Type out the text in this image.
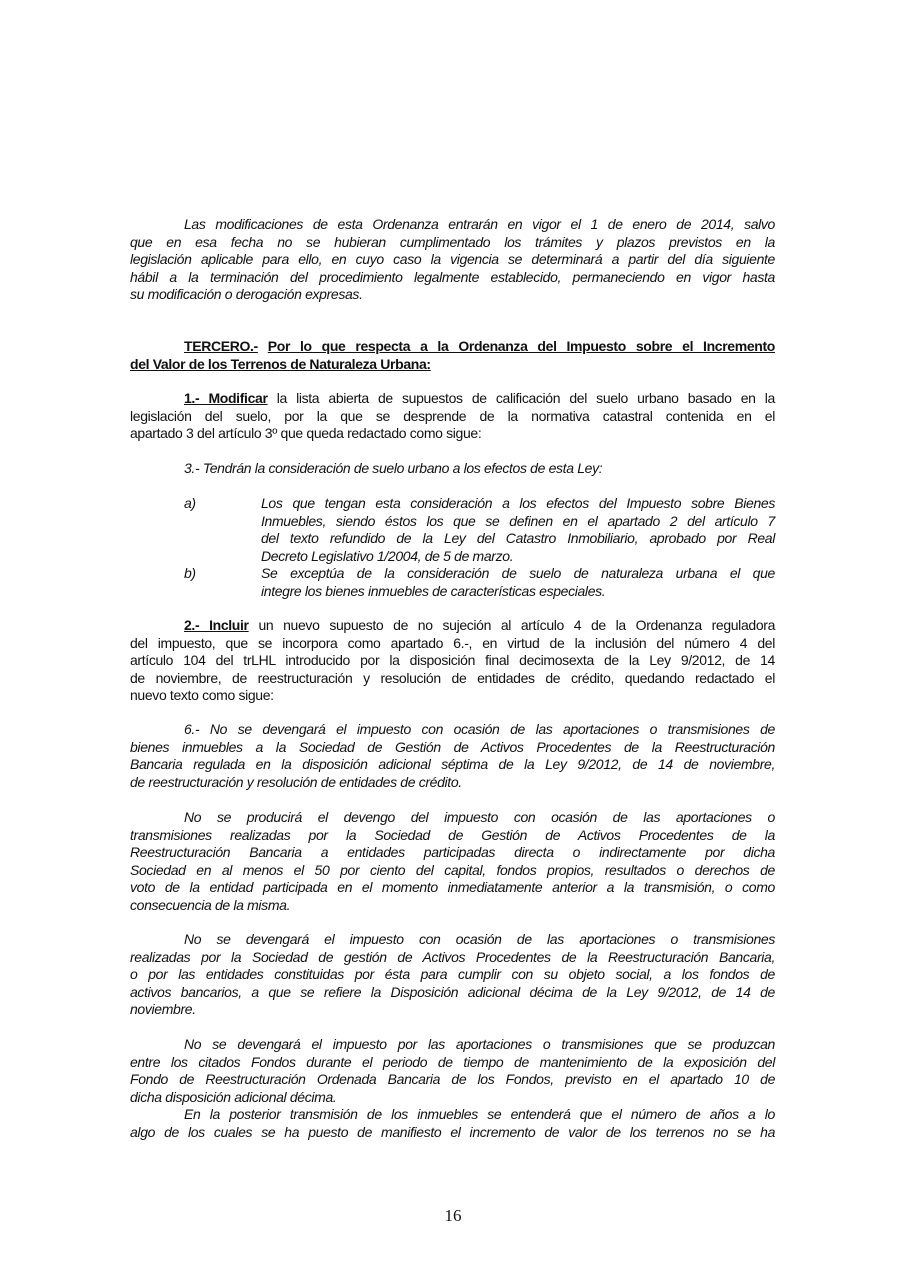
Las modificaciones de esta Ordenanza entrarán en vigor el 1 de enero de 2014, salvo
que en esa fecha no se hubieran cumplimentado los trámites y plazos previstos en la
legislación aplicable para ello, en cuyo caso la vigencia se determinará a partir del día siguiente
hábil a la terminación del procedimiento legalmente establecido, permaneciendo en vigor hasta
su modificación o derogación expresas.
TERCERO.- Por lo que respecta a la Ordenanza del Impuesto sobre el Incremento
del Valor de los Terrenos de Naturaleza Urbana:
1.- Modificar la lista abierta de supuestos de calificación del suelo urbano basado en la
legislación del suelo, por la que se desprende de la normativa catastral contenida en el
apartado 3 del artículo 3º que queda redactado como sigue:
3.- Tendrán la consideración de suelo urbano a los efectos de esta Ley:
6.- No se devengará el impuesto con ocasión de las aportaciones o transmisiones de
bienes inmuebles a la Sociedad de Gestión de Activos Procedentes de la Reestructuración
Bancaria regulada en la disposición adicional séptima de la Ley 9/2012, de 14 de noviembre,
de reestructuración y resolución de entidades de crédito.
2.- Incluir un nuevo supuesto de no sujeción al artículo 4 de la Ordenanza reguladora
del impuesto, que se incorpora como apartado 6.-, en virtud de la inclusión del número 4 del
artículo 104 del trLHL introducido por la disposición final decimosexta de la Ley 9/2012, de 14
de noviembre, de reestructuración y resolución de entidades de crédito, quedando redactado el
nuevo texto como sigue:
No se producirá el devengo del impuesto con ocasión de las aportaciones o
transmisiones realizadas por la Sociedad de Gestión de Activos Procedentes de la
Reestructuración Bancaria a entidades participadas directa o indirectamente por dicha
Sociedad en al menos el 50 por ciento del capital, fondos propios, resultados o derechos de
voto de la entidad participada en el momento inmediatamente anterior a la transmisión, o como
consecuencia de la misma.
No se devengará el impuesto con ocasión de las aportaciones o transmisiones
realizadas por la Sociedad de gestión de Activos Procedentes de la Reestructuración Bancaria,
o por las entidades constituidas por ésta para cumplir con su objeto social, a los fondos de
activos bancarios, a que se refiere la Disposición adicional décima de la Ley 9/2012, de 14 de
noviembre.
No se devengará el impuesto por las aportaciones o transmisiones que se produzcan
entre los citados Fondos durante el periodo de tiempo de mantenimiento de la exposición del
Fondo de Reestructuración Ordenada Bancaria de los Fondos, previsto en el apartado 10 de
dicha disposición adicional décima.
En la posterior transmisión de los inmuebles se entenderá que el número de años a lo
algo de los cuales se ha puesto de manifiesto el incremento de valor de los terrenos no se ha
a)	Los que tengan esta consideración a los efectos del Impuesto sobre Bienes
Inmuebles, siendo éstos los que se definen en el apartado 2 del artículo 7
del texto refundido de la Ley del Catastro Inmobiliario, aprobado por Real
Decreto Legislativo 1/2004, de 5 de marzo.
b)	Se exceptúa de la consideración de suelo de naturaleza urbana el que
integre los bienes inmuebles de características especiales.
16
